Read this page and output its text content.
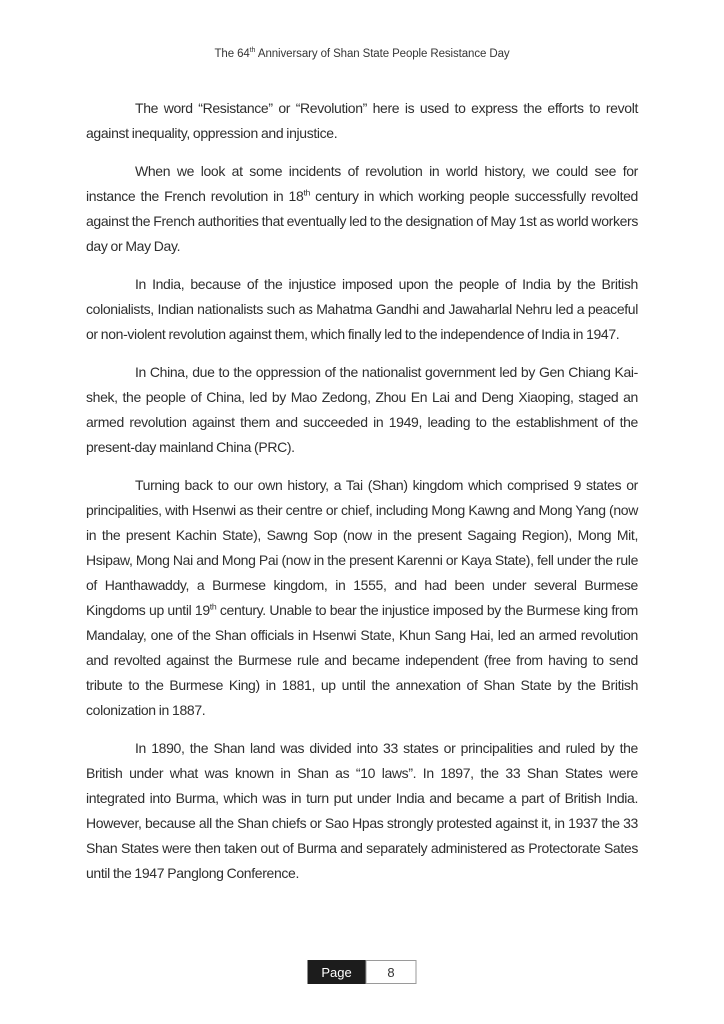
The 64th Anniversary of Shan State People Resistance Day

The word “Resistance” or “Revolution” here is used to express the efforts to revolt against inequality, oppression and injustice.

When we look at some incidents of revolution in world history, we could see for instance the French revolution in 18th century in which working people successfully revolted against the French authorities that eventually led to the designation of May 1st as world workers day or May Day.

In India, because of the injustice imposed upon the people of India by the British colonialists, Indian nationalists such as Mahatma Gandhi and Jawaharlal Nehru led a peaceful or non-violent revolution against them, which finally led to the independence of India in 1947.

In China, due to the oppression of the nationalist government led by Gen Chiang Kai-shek, the people of China, led by Mao Zedong, Zhou En Lai and Deng Xiaoping, staged an armed revolution against them and succeeded in 1949, leading to the establishment of the present-day mainland China (PRC).

Turning back to our own history, a Tai (Shan) kingdom which comprised 9 states or principalities, with Hsenwi as their centre or chief, including Mong Kawng and Mong Yang (now in the present Kachin State), Sawng Sop (now in the present Sagaing Region), Mong Mit, Hsipaw, Mong Nai and Mong Pai (now in the present Karenni or Kaya State), fell under the rule of Hanthawaddy, a Burmese kingdom, in 1555, and had been under several Burmese Kingdoms up until 19th century. Unable to bear the injustice imposed by the Burmese king from Mandalay, one of the Shan officials in Hsenwi State, Khun Sang Hai, led an armed revolution and revolted against the Burmese rule and became independent (free from having to send tribute to the Burmese King) in 1881, up until the annexation of Shan State by the British colonization in 1887.

In 1890, the Shan land was divided into 33 states or principalities and ruled by the British under what was known in Shan as “10 laws”. In 1897, the 33 Shan States were integrated into Burma, which was in turn put under India and became a part of British India. However, because all the Shan chiefs or Sao Hpas strongly protested against it, in 1937 the 33 Shan States were then taken out of Burma and separately administered as Protectorate Sates until the 1947 Panglong Conference.

Page	8
